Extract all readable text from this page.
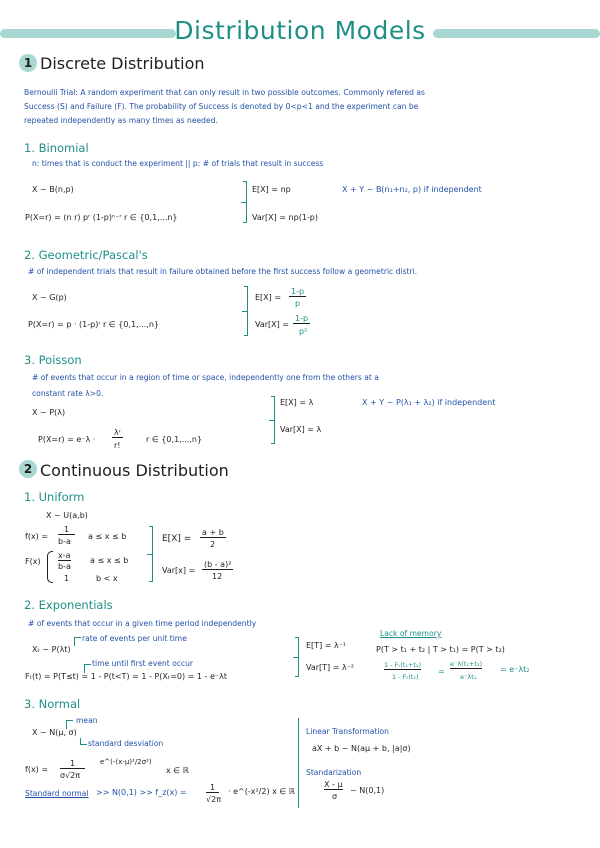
Distribution Models
1 Discrete Distribution
Bernoulli Trial: A random experiment that can only result in two possible outcomes. Commonly refered as
Success (S) and Failure (F). The probability of Success is denoted by 0<p<1 and the experiment can be
repeated independently as many times as needed.
1. Binomial
n: times that is conduct the experiment || p: # of trials that result in success
X ~ B(n,p)
P(X=r) = (n r) pʳ (1-p)ⁿ⁻ʳ r ∈ {0,1,...n}
E[X] = np	X + Y ~ B(n₁+n₂, p) if independent
Var[X] = np(1-p)
2. Geometric/Pascal's
# of independent trials that result in failure obtained before the first success follow a geometric distri.
X ~ G(p)
P(X=r) = p · (1-p)ʳ r ∈ {0,1,...,n}
E[X] =
1-p
p
Var[X] =
1-p
p²
3. Poisson
# of events that occur in a region of time or space, independently one from the others at a
constant rate λ>0.
X ~ P(λ)
P(X=r) = e⁻λ ·
λʳ
r!
r ∈ {0,1,...,n}
E[X] = λ	X + Y ~ P(λ₁ + λ₂) if independent
Var[X] = λ
2 Continuous Distribution
1. Uniform
X ~ U(a,b)
f(x) =
1
b-a
a ≤ x ≤ b
F(x)
x-a
b-a
a ≤ x ≤ b
1	b < x
E[X] =
a + b
2
Var[x] =
(b - a)²
12
2. Exponentials
# of events that occur in a given time period independently
rate of events per unit time
Xₜ ~ P(λt)
time until first event occur
Fₜ(t) = P(T≤t) = 1 - P(t<T) = 1 - P(Xₜ=0) = 1 - e⁻λt
E[T] = λ⁻¹
Var[T] = λ⁻²
Lack of memory
P(T > t₁ + t₂ | T > t₁) = P(T > t₂)
1 - Fₜ(t₁+t₂)
1 - Fₜ(t₁)
=
e⁻λ(t₁+t₂)
e⁻λt₁
= e⁻λt₂
3. Normal
mean
X ~ N(μ, σ)
standard desviation
f(x) =
1
σ√2π
e^(-(x-μ)²/2σ²)
x ∈ ℝ
Standard normal >> N(0,1) >> f_z(x) =
1
√2π
· e^(-x²/2) x ∈ ℝ
Linear Transformation
aX + b ~ N(aμ + b, |a|σ)
Standarization
X - μ
σ
~ N(0,1)
